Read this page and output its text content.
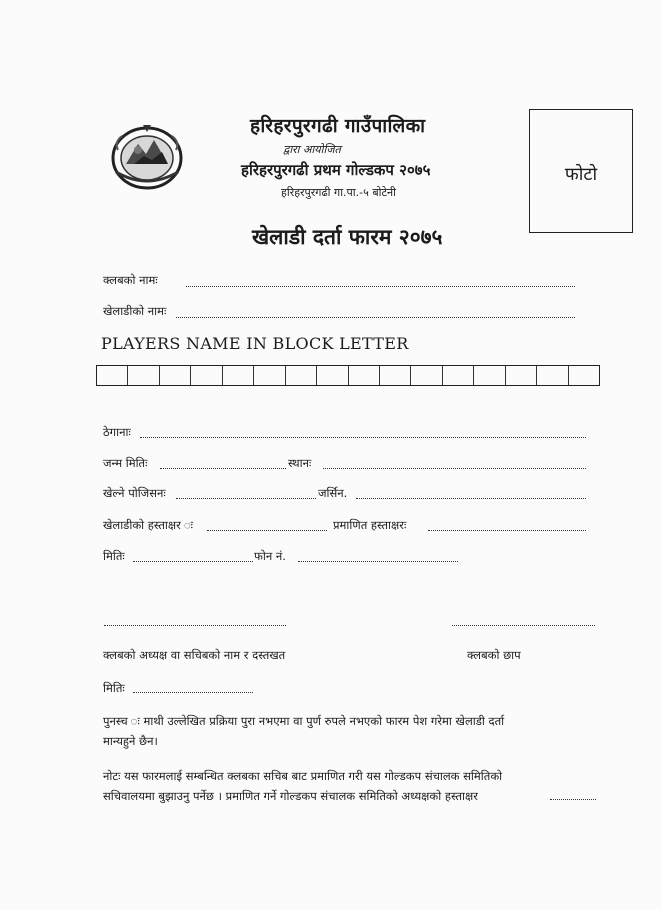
हरिहरपुरगढी गाउँपालिका
द्वारा आयोजित
हरिहरपुरगढी प्रथम गोल्डकप २०७५
हरिहरपुरगढी गा.पा.-५ बोटेनी
खेलाडी दर्ता फारम २०७५
फोटो
क्लबको नामः
खेलाडीको नामः
PLAYERS NAME IN BLOCK LETTER
ठेगानाः
जन्म मितिः	स्थानः
खेल्ने पोजिसनः	जर्सिन.
खेलाडीको हस्ताक्षर ः	प्रमाणित हस्ताक्षरः
मितिः	फोन नं.
क्लबको अध्यक्ष वा सचिबको नाम र दस्तखत	क्लबको छाप
मितिः
पुनस्च ः माथी उल्लेखित प्रक्रिया पुरा नभएमा वा पुर्ण रुपले नभएको फारम पेश गरेमा खेलाडी दर्ता
मान्यहुने छैन।
नोटः यस फारमलाई सम्बन्धित क्लबका सचिब बाट प्रमाणित गरी यस गोल्डकप संचालक समितिको
सचिवालयमा बुझाउनु पर्नेछ । प्रमाणित गर्ने गोल्डकप संचालक समितिको अध्यक्षको हस्ताक्षर
